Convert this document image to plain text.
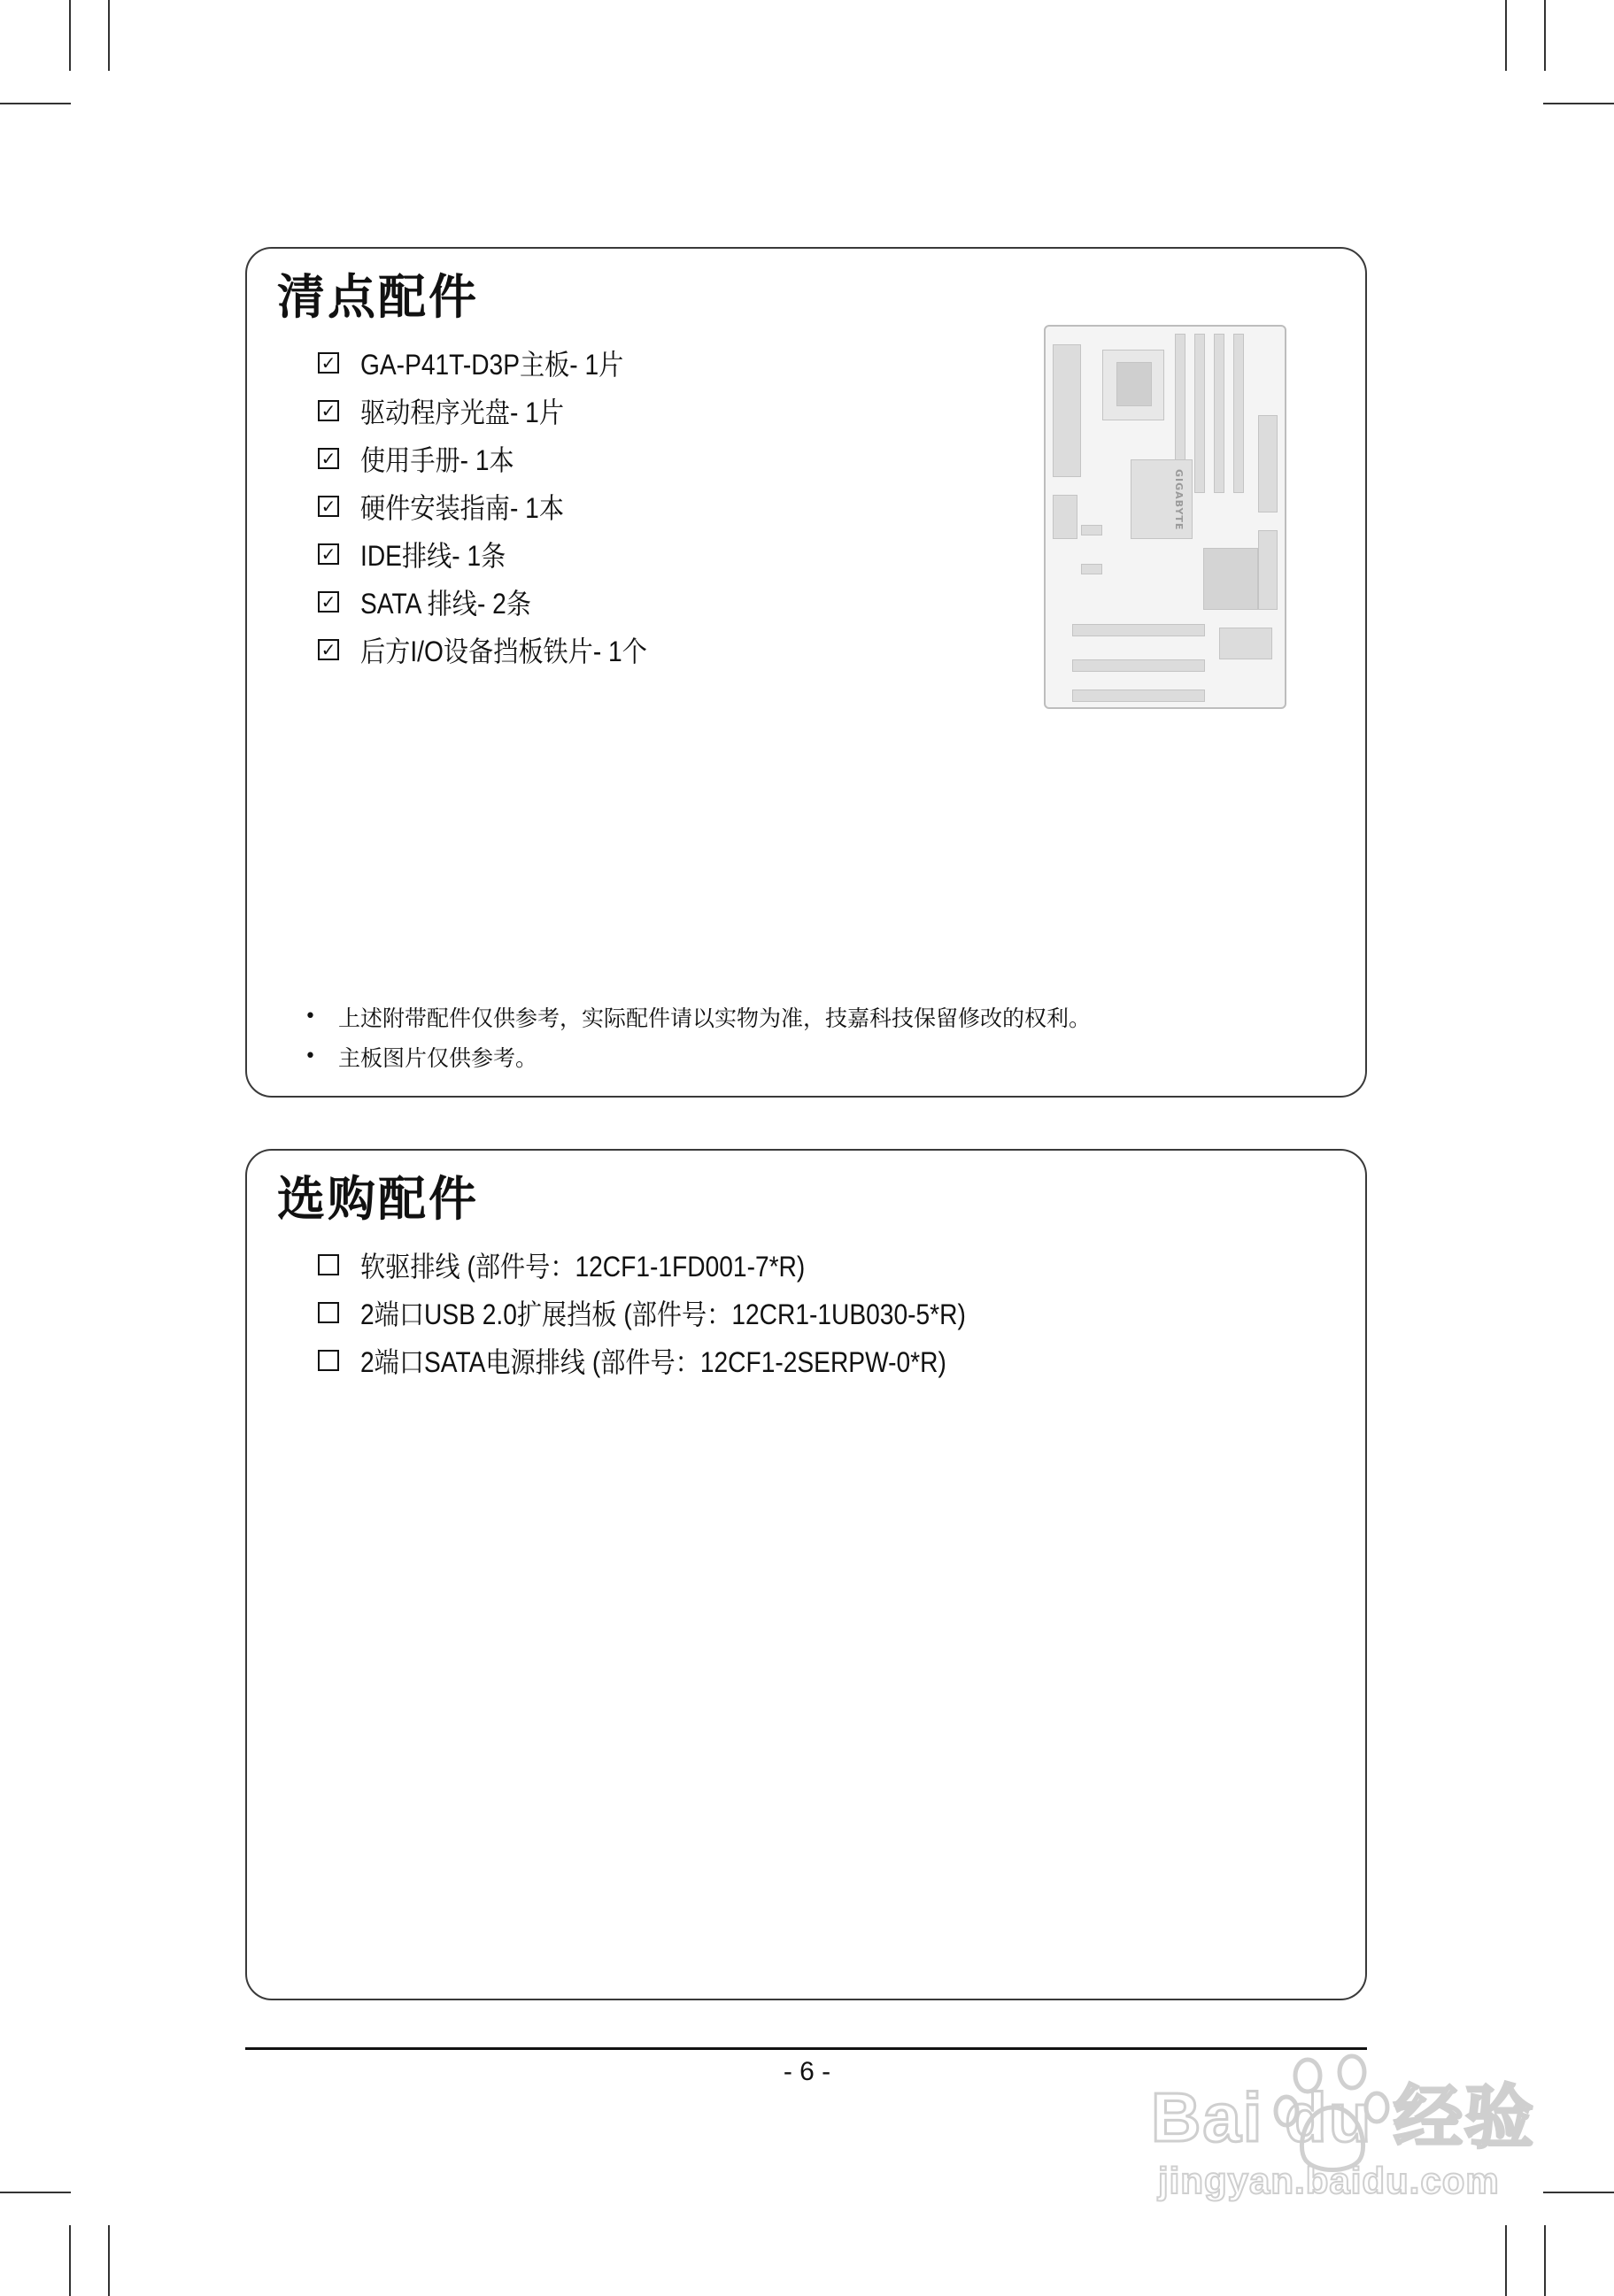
清点配件
✓ GA-P41T-D3P主板- 1片
✓ 驱动程序光盘- 1片
✓ 使用手册- 1本
✓ 硬件安装指南- 1本
✓ IDE排线- 1条
✓ SATA 排线- 2条
✓ 后方I/O设备挡板铁片- 1个
GIGABYTE
•	上述附带配件仅供参考，实际配件请以实物为准，技嘉科技保留修改的权利。
•	主板图片仅供参考。
选购配件
软驱排线 (部件号：12CF1-1FD001-7*R)
2端口USB 2.0扩展挡板 (部件号：12CR1-1UB030-5*R)
2端口SATA电源排线 (部件号：12CF1-2SERPW-0*R)
- 6 -
Bai du 经验
jingyan.baidu.com
